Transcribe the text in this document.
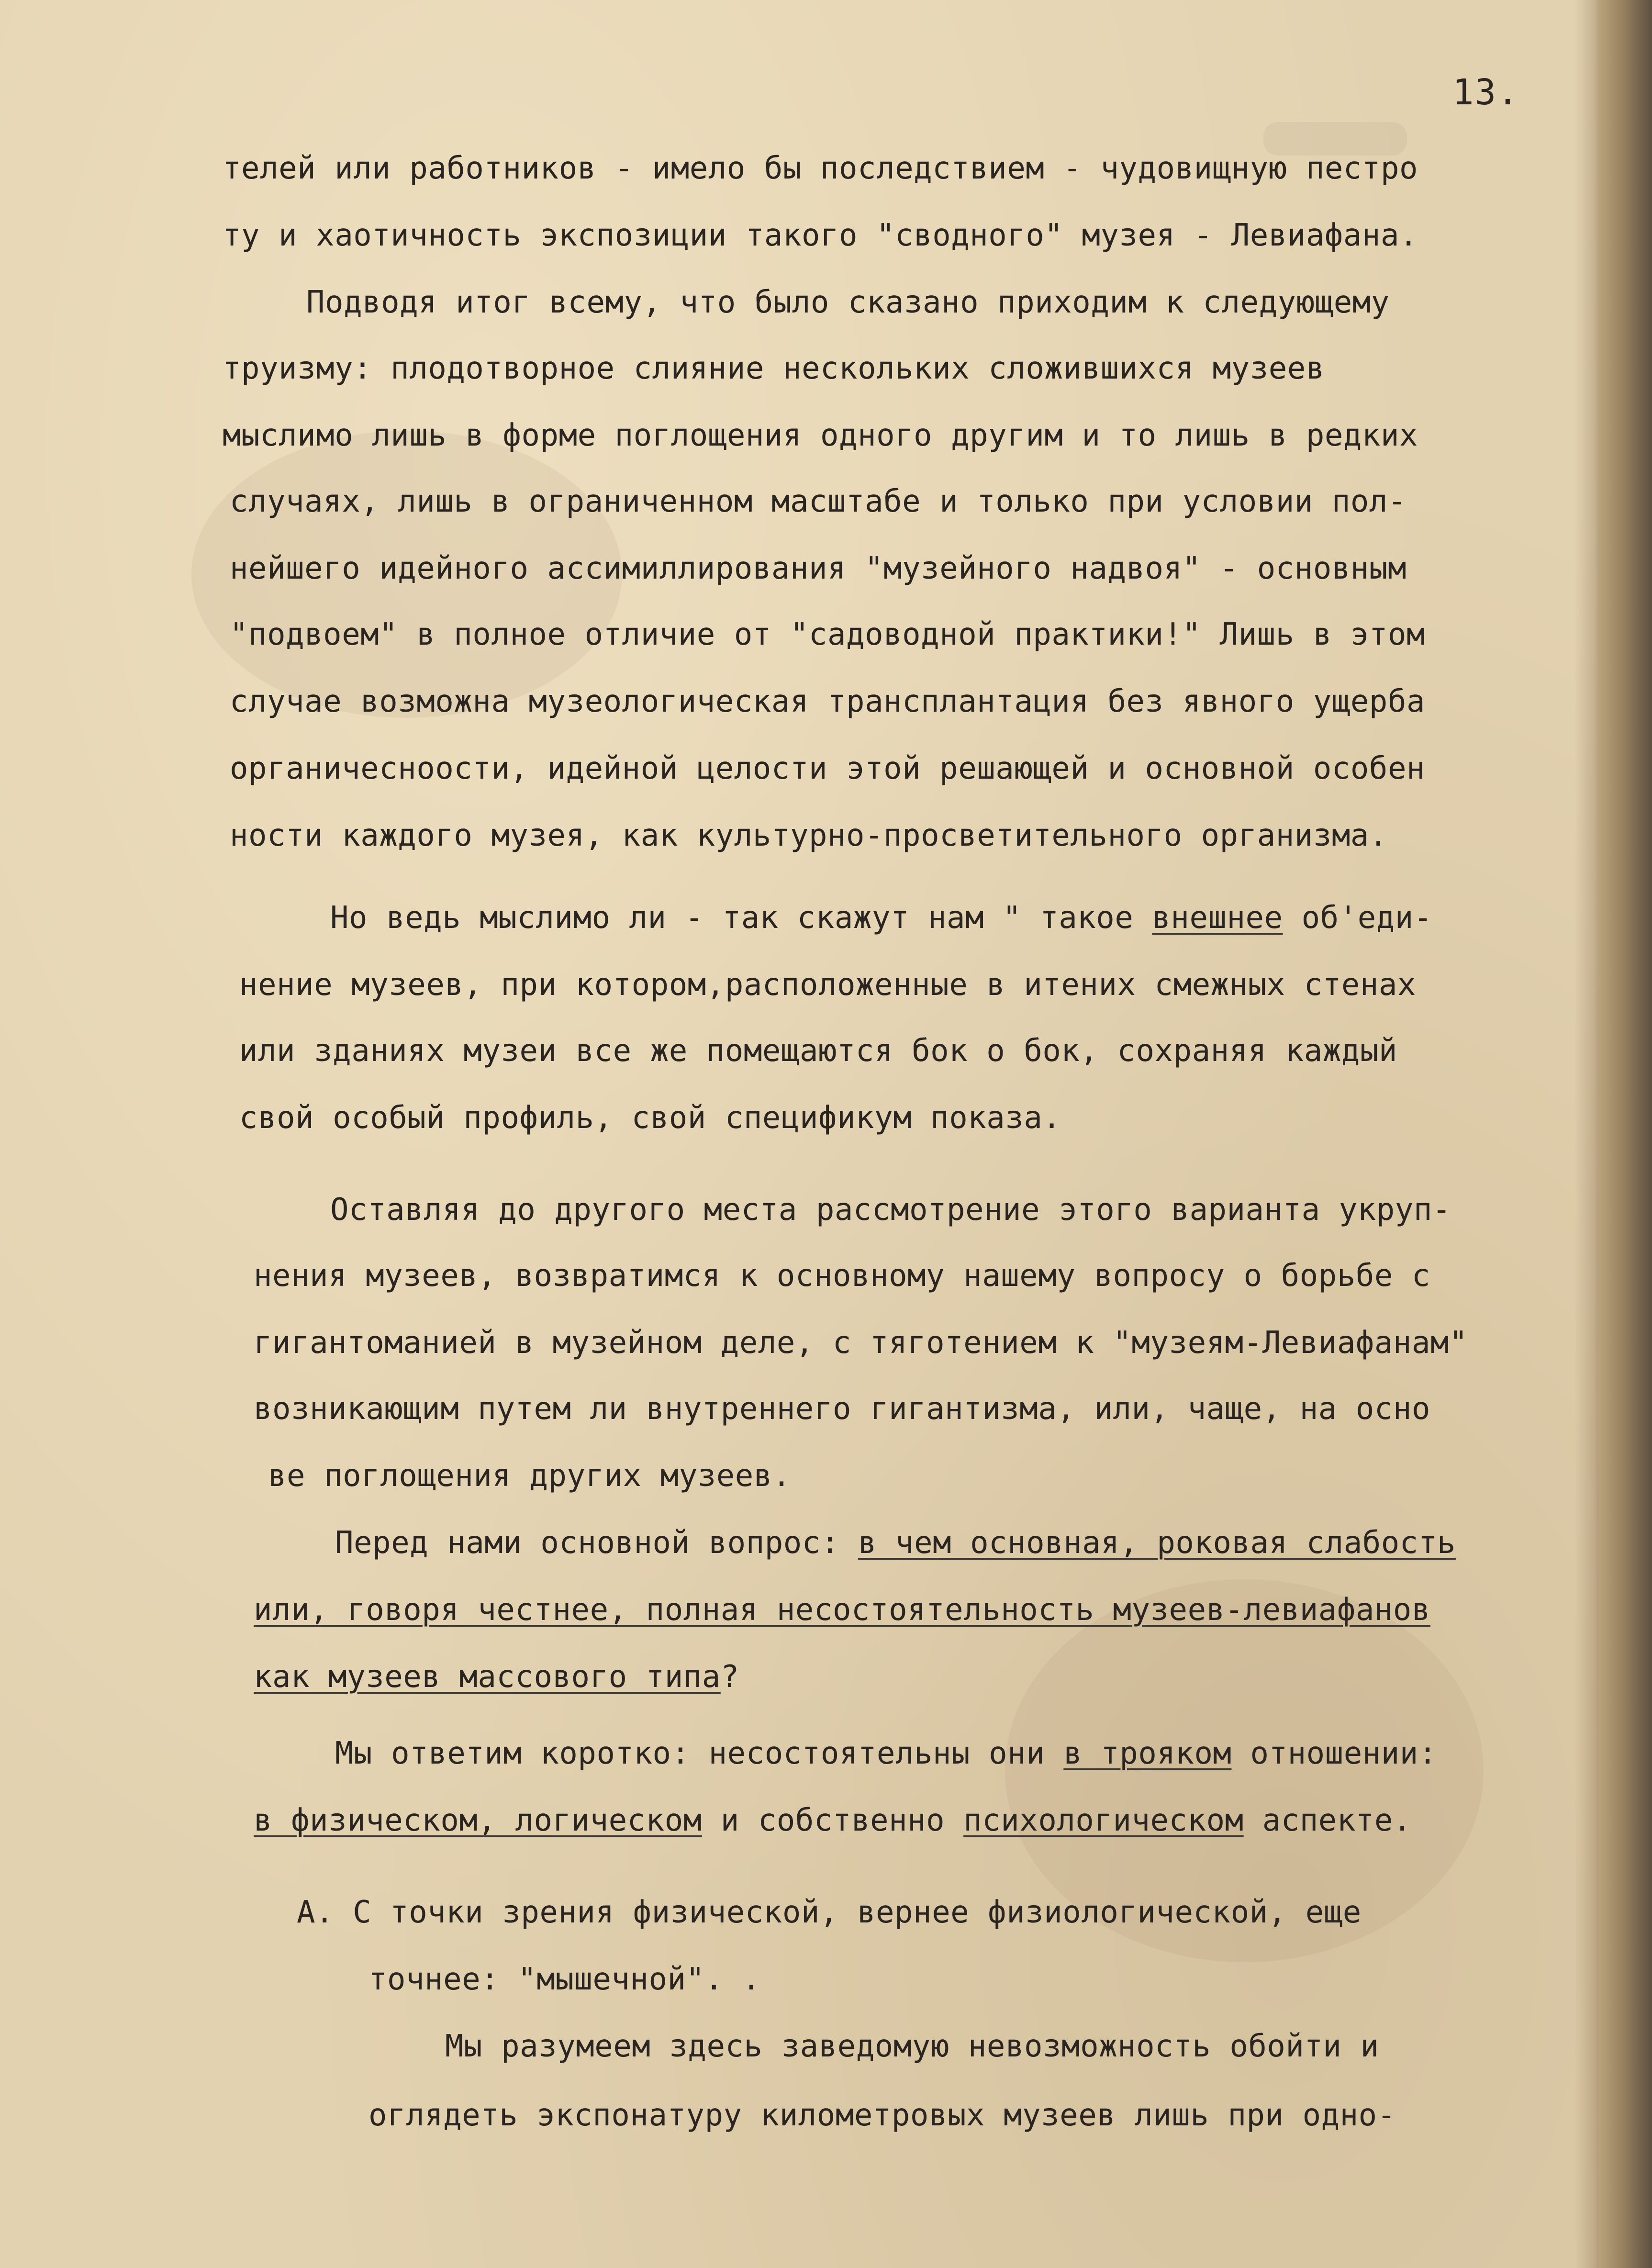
13.
телей или работников - имело бы последствием - чудовищную пестро
ту и хаотичность экспозиции такого "сводного" музея - Левиафана.
Подводя итог всему, что было сказано приходим к следующему
труизму: плодотворное слияние нескольких сложившихся музеев
мыслимо лишь в форме поглощения одного другим и то лишь в редких
случаях, лишь в ограниченном масштабе и только при условии пол-
нейшего идейного ассимиллирования "музейного надвоя" - основным
"подвоем" в полное отличие от "садоводной практики!" Лишь в этом
случае возможна музеологическая трансплантация без явного ущерба
органичесноости, идейной целости этой решающей и основной особен
ности каждого музея, как культурно-просветительного организма.
Но ведь мыслимо ли - так скажут нам " такое внешнее об'еди-
нение музеев, при котором,расположенные в итених смежных стенах
или зданиях музеи все же помещаются бок о бок, сохраняя каждый
свой особый профиль, свой спецификум показа.
Оставляя до другого места рассмотрение этого варианта укруп-
нения музеев, возвратимся к основному нашему вопросу о борьбе с
гигантоманией в музейном деле, с тяготением к "музеям-Левиафанам"
возникающим путем ли внутреннего гигантизма, или, чаще, на осно
ве поглощения других музеев.
Перед нами основной вопрос: в чем основная, роковая слабость
или, говоря честнее, полная несостоятельность музеев-левиафанов
как музеев массового типа?
Мы ответим коротко: несостоятельны они в трояком отношении:
в физическом, логическом и собственно психологическом аспекте.
А. С точки зрения физической, вернее физиологической, еще
точнее: "мышечной". .
Мы разумеем здесь заведомую невозможность обойти и
оглядеть экспонатуру километровых музеев лишь при одно-
